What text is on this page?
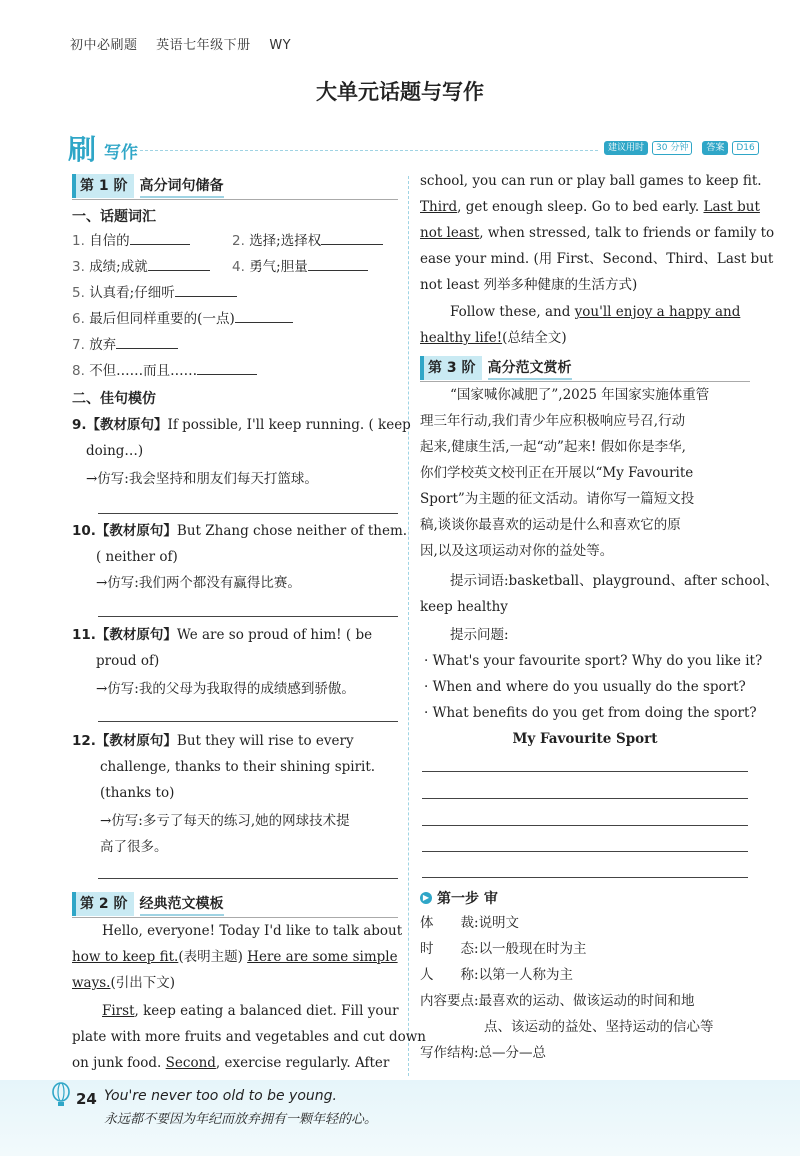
初中必刷题 英语七年级下册 WY
大单元话题与写作
刷 写作	建议用时	30 分钟	答案	D16
第 1 阶 高分词句储备
一、话题词汇
1. 自信的	2. 选择;选择权
3. 成绩;成就	4. 勇气;胆量
5. 认真看;仔细听
6. 最后但同样重要的(一点)
7. 放弃
8. 不但……而且……
二、佳句模仿
9.【教材原句】If possible, I'll keep running. ( keep
doing…)
→仿写:我会坚持和朋友们每天打篮球。
10.【教材原句】But Zhang chose neither of them.
( neither of)
→仿写:我们两个都没有赢得比赛。
11.【教材原句】We are so proud of him! ( be
proud of)
→仿写:我的父母为我取得的成绩感到骄傲。
12.【教材原句】But they will rise to every
challenge, thanks to their shining spirit.
(thanks to)
→仿写:多亏了每天的练习,她的网球技术提
高了很多。
第 2 阶 经典范文模板
Hello, everyone! Today I'd like to talk about
how to keep fit.(表明主题) Here are some simple
ways.(引出下文)
First, keep eating a balanced diet. Fill your
plate with more fruits and vegetables and cut down
on junk food. Second, exercise regularly. After
school, you can run or play ball games to keep fit.
Third, get enough sleep. Go to bed early. Last but
not least, when stressed, talk to friends or family to
ease your mind. (用 First、Second、Third、Last but
not least 列举多种健康的生活方式)
Follow these, and you'll enjoy a happy and
healthy life!(总结全文)
第 3 阶 高分范文赏析
“国家喊你减肥了”,2025 年国家实施体重管
理三年行动,我们青少年应积极响应号召,行动
起来,健康生活,一起“动”起来! 假如你是李华,
你们学校英文校刊正在开展以“My Favourite
Sport”为主题的征文活动。请你写一篇短文投
稿,谈谈你最喜欢的运动是什么和喜欢它的原
因,以及这项运动对你的益处等。
提示词语:basketball、playground、after school、
keep healthy
提示问题:
· What's your favourite sport? Why do you like it?
· When and where do you usually do the sport?
· What benefits do you get from doing the sport?
My Favourite Sport
▶ 第一步 审
体　　裁:说明文
时　　态:以一般现在时为主
人　　称:以第一人称为主
内容要点:最喜欢的运动、做该运动的时间和地
点、该运动的益处、坚持运动的信心等
写作结构:总—分—总
24 You're never too old to be young.
永远都不要因为年纪而放弃拥有一颗年轻的心。
